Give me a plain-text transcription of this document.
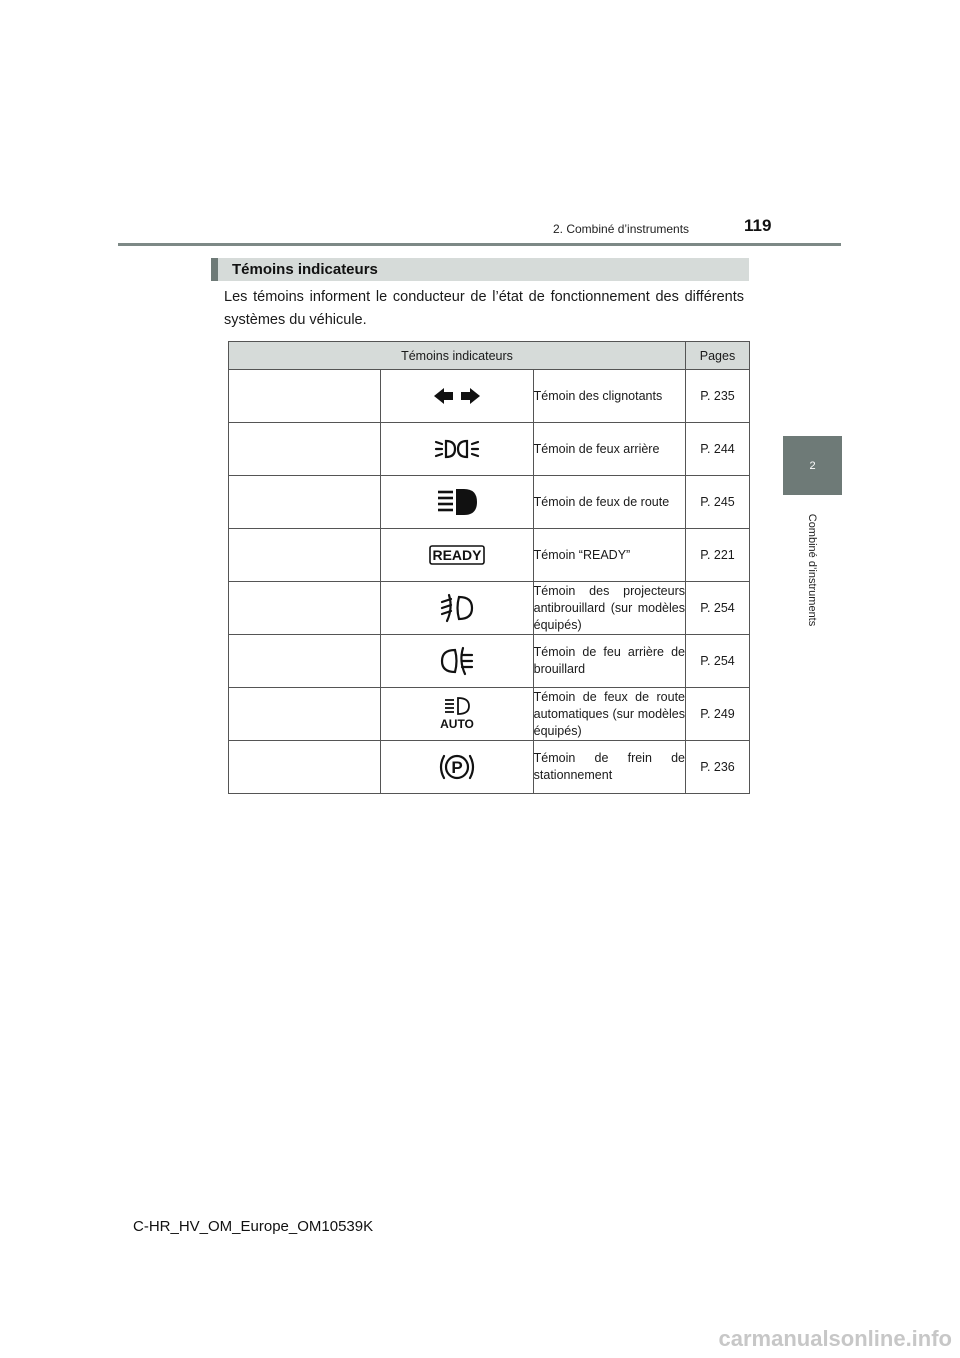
2. Combiné d’instruments	119
2
Combiné d’instruments
Témoins indicateurs
Les témoins informent le conducteur de l’état de fonctionnement des différents systèmes du véhicule.
Témoins indicateurs			Pages

	Témoin des clignotants	P. 235

	Témoin de feux arrière	P. 244

	Témoin de feux de route	P. 245

READY	Témoin “READY”	P. 221

	Témoin des projecteurs antibrouillard (sur modèles équipés)	P. 254

	Témoin de feu arrière de brouillard	P. 254

AUTO	Témoin de feux de route automatiques (sur modèles équipés)	P. 249

P	Témoin de frein de stationnement	P. 236
C-HR_HV_OM_Europe_OM10539K
carmanualsonline.info
